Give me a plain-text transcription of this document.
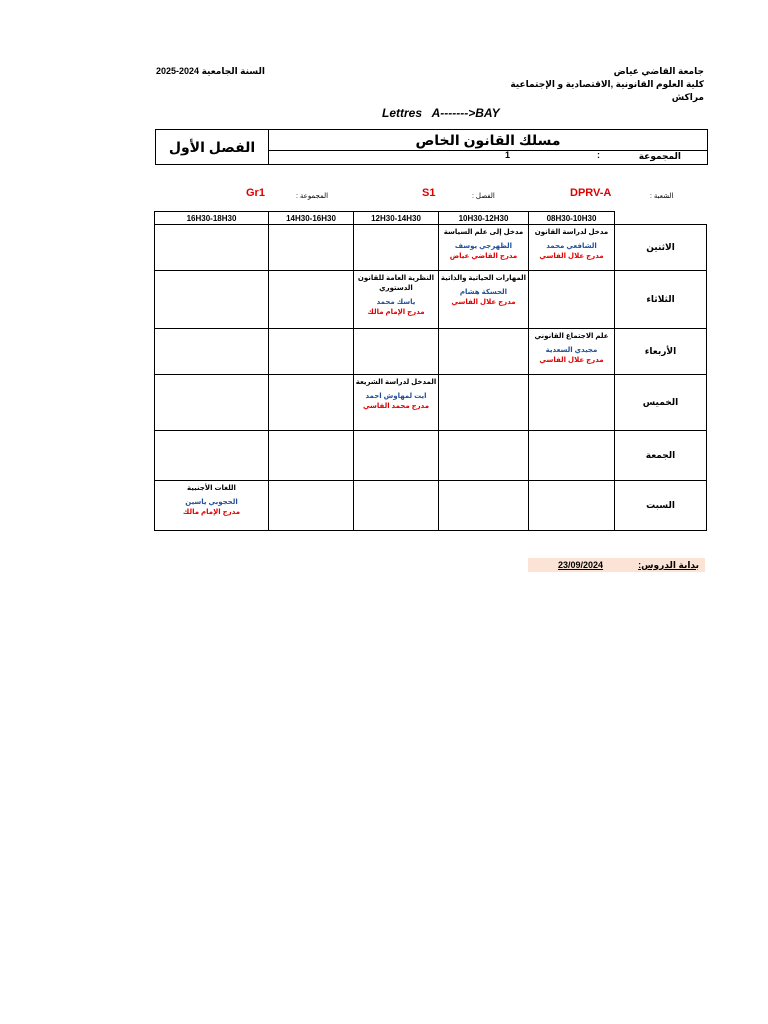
جامعة القاضي عياض
كلية العلوم القانونية ,الاقتصادية و الإجتماعية
مراكش
السنة الجامعية 2024-2025
Lettres   A------->BAY
الفصل الأول	مسلك القانون الخاص
المجموعة
:
1
الشعبة :
DPRV-A
الفصل :
S1
المجموعة :
Gr1
16H30-18H30	14H30-16H30	12H30-14H30	10H30-12H30	08H30-10H30	

			مدخل إلى علم السياسة
الظهرجي يوسف
مدرج القاضي عياض	مدخل لدراسة القانون
الشافعي محمد
مدرج علال الفاسي	الاثنين

		النظرية العامة للقانون الدستوري
ياسك محمد
مدرج الإمام مالك	المهارات الحياتية والذاتية
الحسكة هشام
مدرج علال الفاسي		الثلاثاء

				علم الاجتماع القانوني
مجيدي السعدية
مدرج علال الفاسي	الأربعاء

		المدخل لدراسة الشريعة
ايت لمهاوش احمد
مدرج محمد الفاسي			الخميس
					الجمعة

اللغات الأجنبية
الحجوبي ياسين
مدرج الإمام مالك					السبت
بداية الدروس:
23/09/2024
